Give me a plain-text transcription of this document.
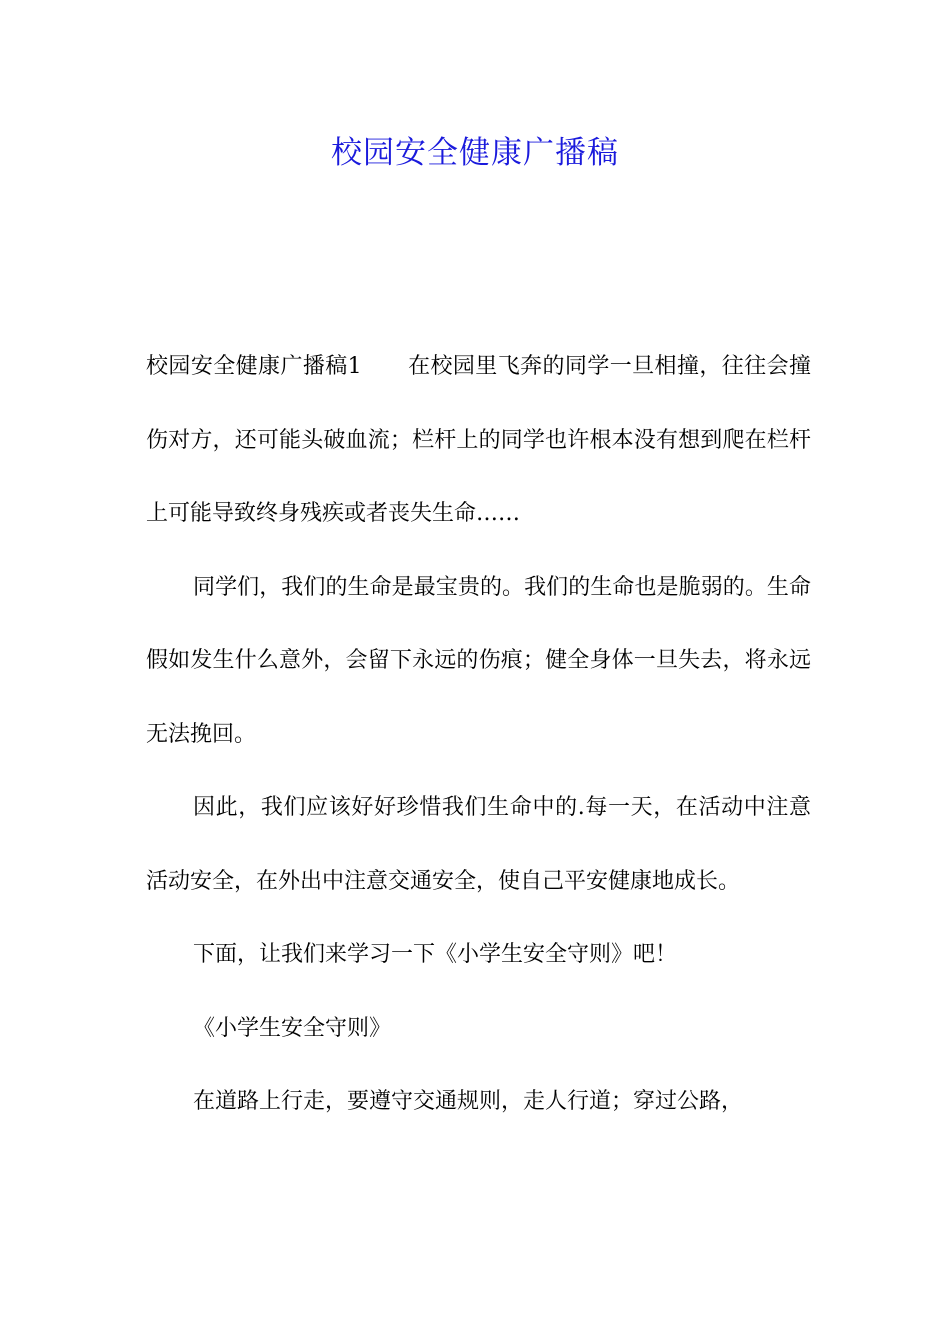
校园安全健康广播稿

校园安全健康广播稿1 在校园里飞奔的同学一旦相撞，往往会撞伤对方，还可能头破血流；栏杆上的同学也许根本没有想到爬在栏杆上可能导致终身残疾或者丧失生命……

同学们，我们的生命是最宝贵的。我们的生命也是脆弱的。生命假如发生什么意外，会留下永远的伤痕；健全身体一旦失去，将永远无法挽回。

因此，我们应该好好珍惜我们生命中的.每一天，在活动中注意活动安全，在外出中注意交通安全，使自己平安健康地成长。

下面，让我们来学习一下《小学生安全守则》吧！

《小学生安全守则》

在道路上行走，要遵守交通规则，走人行道；穿过公路，
